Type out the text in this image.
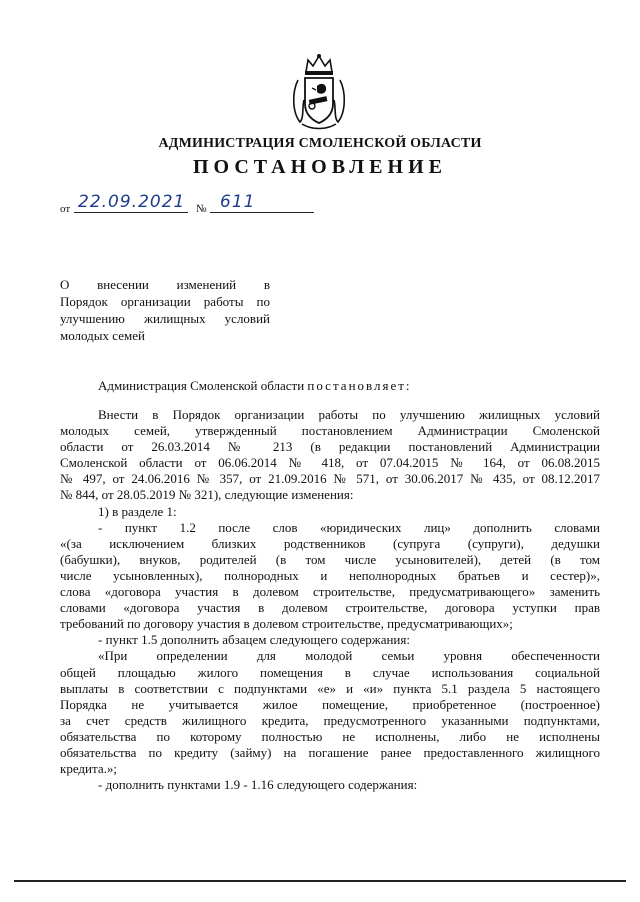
АДМИНИСТРАЦИЯ СМОЛЕНСКОЙ ОБЛАСТИ
ПОСТАНОВЛЕНИЕ
от 22.09.2021 № 611
О внесении изменений в
Порядок организации работы по
улучшению жилищных условий
молодых семей
Администрация Смоленской области постановляет:
Внести в Порядок организации работы по улучшению жилищных условий
молодых семей, утвержденный постановлением Администрации Смоленской
области от 26.03.2014 № 213 (в редакции постановлений Администрации
Смоленской области от 06.06.2014 № 418, от 07.04.2015 № 164, от 06.08.2015
№ 497, от 24.06.2016 № 357, от 21.09.2016 № 571, от 30.06.2017 № 435, от 08.12.2017
№ 844, от 28.05.2019 № 321), следующие изменения:
1) в разделе 1:
- пункт 1.2 после слов «юридических лиц» дополнить словами
«(за исключением близких родственников (супруга (супруги), дедушки
(бабушки), внуков, родителей (в том числе усыновителей), детей (в том
числе усыновленных), полнородных и неполнородных братьев и сестер)»,
слова «договора участия в долевом строительстве, предусматривающего» заменить
словами «договора участия в долевом строительстве, договора уступки прав
требований по договору участия в долевом строительстве, предусматривающих»;
- пункт 1.5 дополнить абзацем следующего содержания:
«При определении для молодой семьи уровня обеспеченности
общей площадью жилого помещения в случае использования социальной
выплаты в соответствии с подпунктами «е» и «и» пункта 5.1 раздела 5 настоящего
Порядка не учитывается жилое помещение, приобретенное (построенное)
за счет средств жилищного кредита, предусмотренного указанными подпунктами,
обязательства по которому полностью не исполнены, либо не исполнены
обязательства по кредиту (займу) на погашение ранее предоставленного жилищного
кредита.»;
- дополнить пунктами 1.9 - 1.16 следующего содержания:
